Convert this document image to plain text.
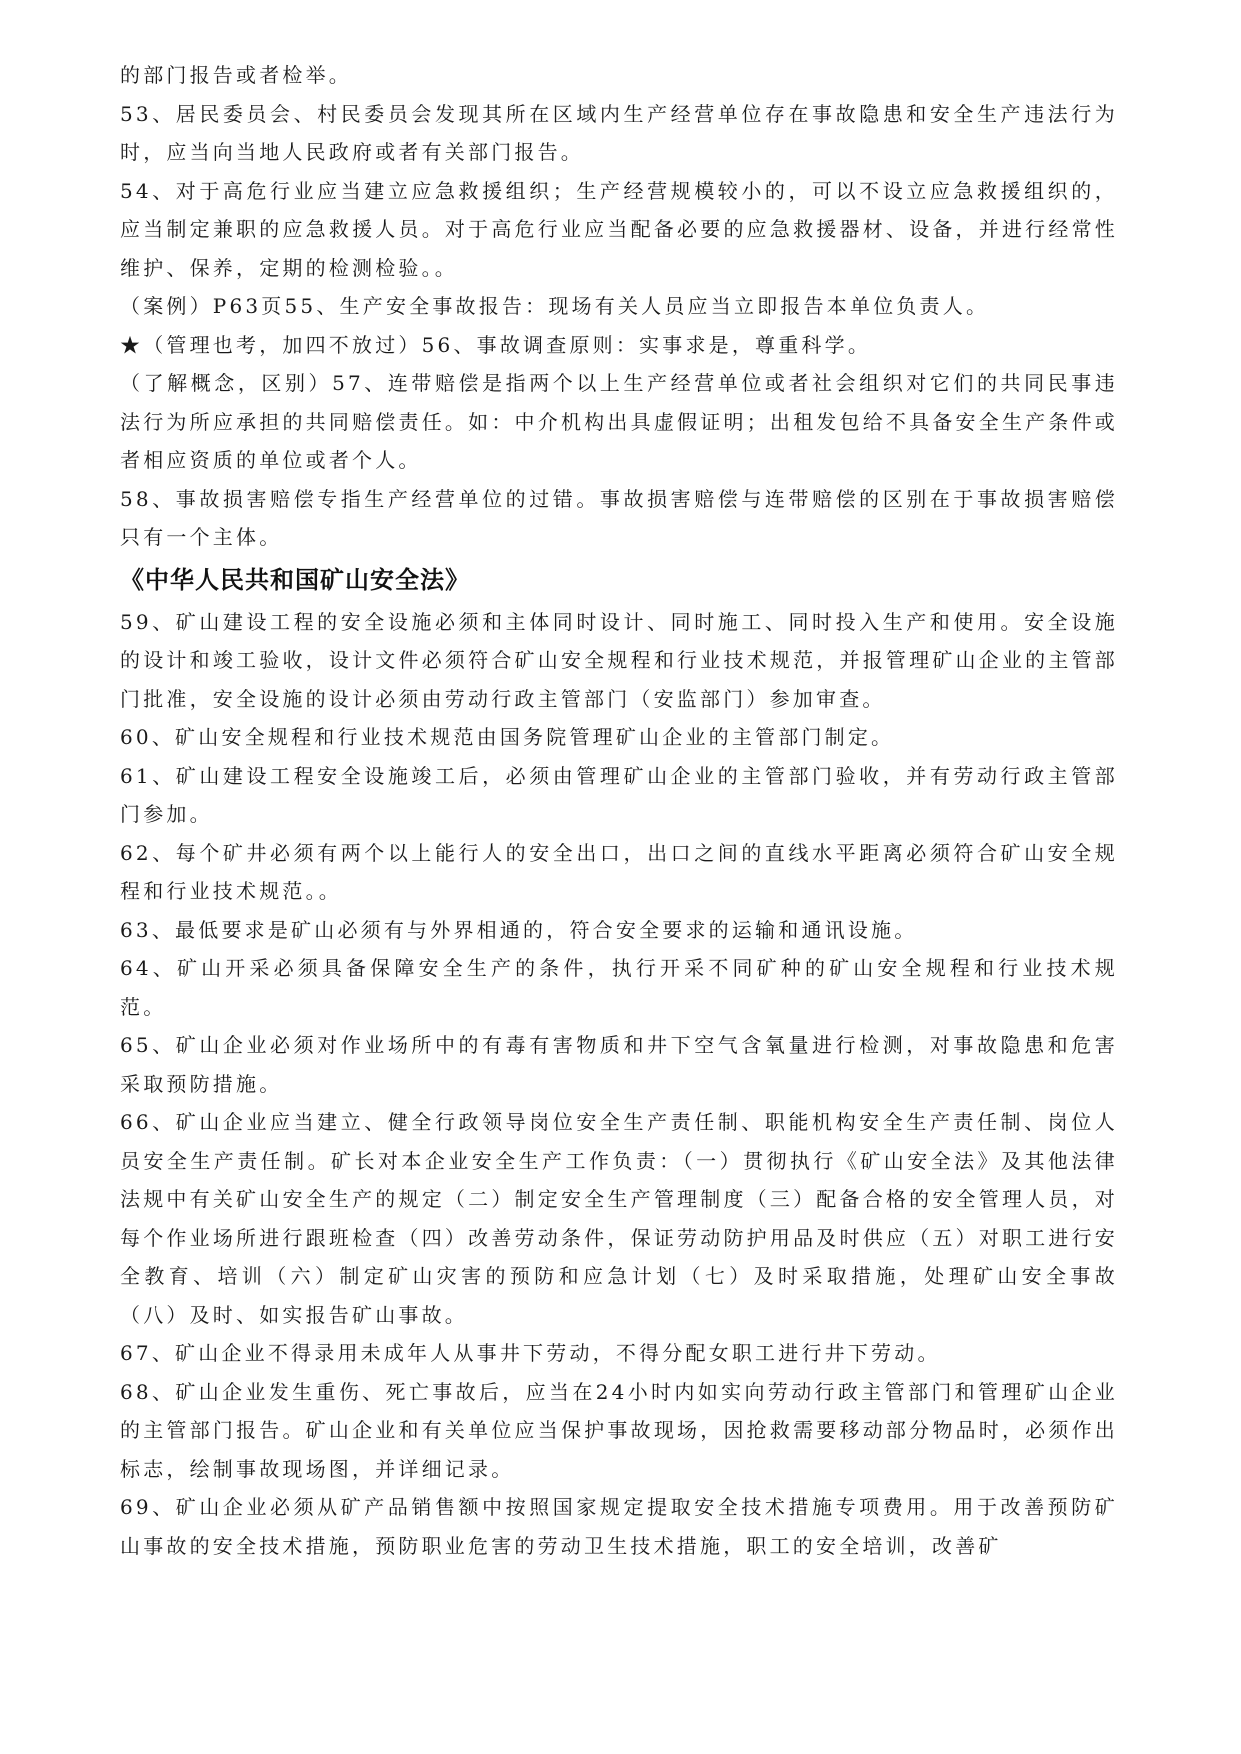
的部门报告或者检举。

53、居民委员会、村民委员会发现其所在区域内生产经营单位存在事故隐患和安全生产违法行为时，应当向当地人民政府或者有关部门报告。

54、对于高危行业应当建立应急救援组织；生产经营规模较小的，可以不设立应急救援组织的，应当制定兼职的应急救援人员。对于高危行业应当配备必要的应急救援器材、设备，并进行经常性维护、保养，定期的检测检验。。

（案例）P63页55、生产安全事故报告：现场有关人员应当立即报告本单位负责人。

★（管理也考，加四不放过）56、事故调查原则：实事求是，尊重科学。

（了解概念，区别）57、连带赔偿是指两个以上生产经营单位或者社会组织对它们的共同民事违法行为所应承担的共同赔偿责任。如：中介机构出具虚假证明；出租发包给不具备安全生产条件或者相应资质的单位或者个人。

58、事故损害赔偿专指生产经营单位的过错。事故损害赔偿与连带赔偿的区别在于事故损害赔偿只有一个主体。

《中华人民共和国矿山安全法》

59、矿山建设工程的安全设施必须和主体同时设计、同时施工、同时投入生产和使用。安全设施的设计和竣工验收，设计文件必须符合矿山安全规程和行业技术规范，并报管理矿山企业的主管部门批准，安全设施的设计必须由劳动行政主管部门（安监部门）参加审查。

60、矿山安全规程和行业技术规范由国务院管理矿山企业的主管部门制定。

61、矿山建设工程安全设施竣工后，必须由管理矿山企业的主管部门验收，并有劳动行政主管部门参加。

62、每个矿井必须有两个以上能行人的安全出口，出口之间的直线水平距离必须符合矿山安全规程和行业技术规范。。

63、最低要求是矿山必须有与外界相通的，符合安全要求的运输和通讯设施。

64、矿山开采必须具备保障安全生产的条件，执行开采不同矿种的矿山安全规程和行业技术规范。

65、矿山企业必须对作业场所中的有毒有害物质和井下空气含氧量进行检测，对事故隐患和危害采取预防措施。

66、矿山企业应当建立、健全行政领导岗位安全生产责任制、职能机构安全生产责任制、岗位人员安全生产责任制。矿长对本企业安全生产工作负责：（一）贯彻执行《矿山安全法》及其他法律法规中有关矿山安全生产的规定（二）制定安全生产管理制度（三）配备合格的安全管理人员，对每个作业场所进行跟班检查（四）改善劳动条件，保证劳动防护用品及时供应（五）对职工进行安全教育、培训（六）制定矿山灾害的预防和应急计划（七）及时采取措施，处理矿山安全事故（八）及时、如实报告矿山事故。

67、矿山企业不得录用未成年人从事井下劳动，不得分配女职工进行井下劳动。

68、矿山企业发生重伤、死亡事故后，应当在24小时内如实向劳动行政主管部门和管理矿山企业的主管部门报告。矿山企业和有关单位应当保护事故现场，因抢救需要移动部分物品时，必须作出标志，绘制事故现场图，并详细记录。

69、矿山企业必须从矿产品销售额中按照国家规定提取安全技术措施专项费用。用于改善预防矿山事故的安全技术措施，预防职业危害的劳动卫生技术措施，职工的安全培训，改善矿
